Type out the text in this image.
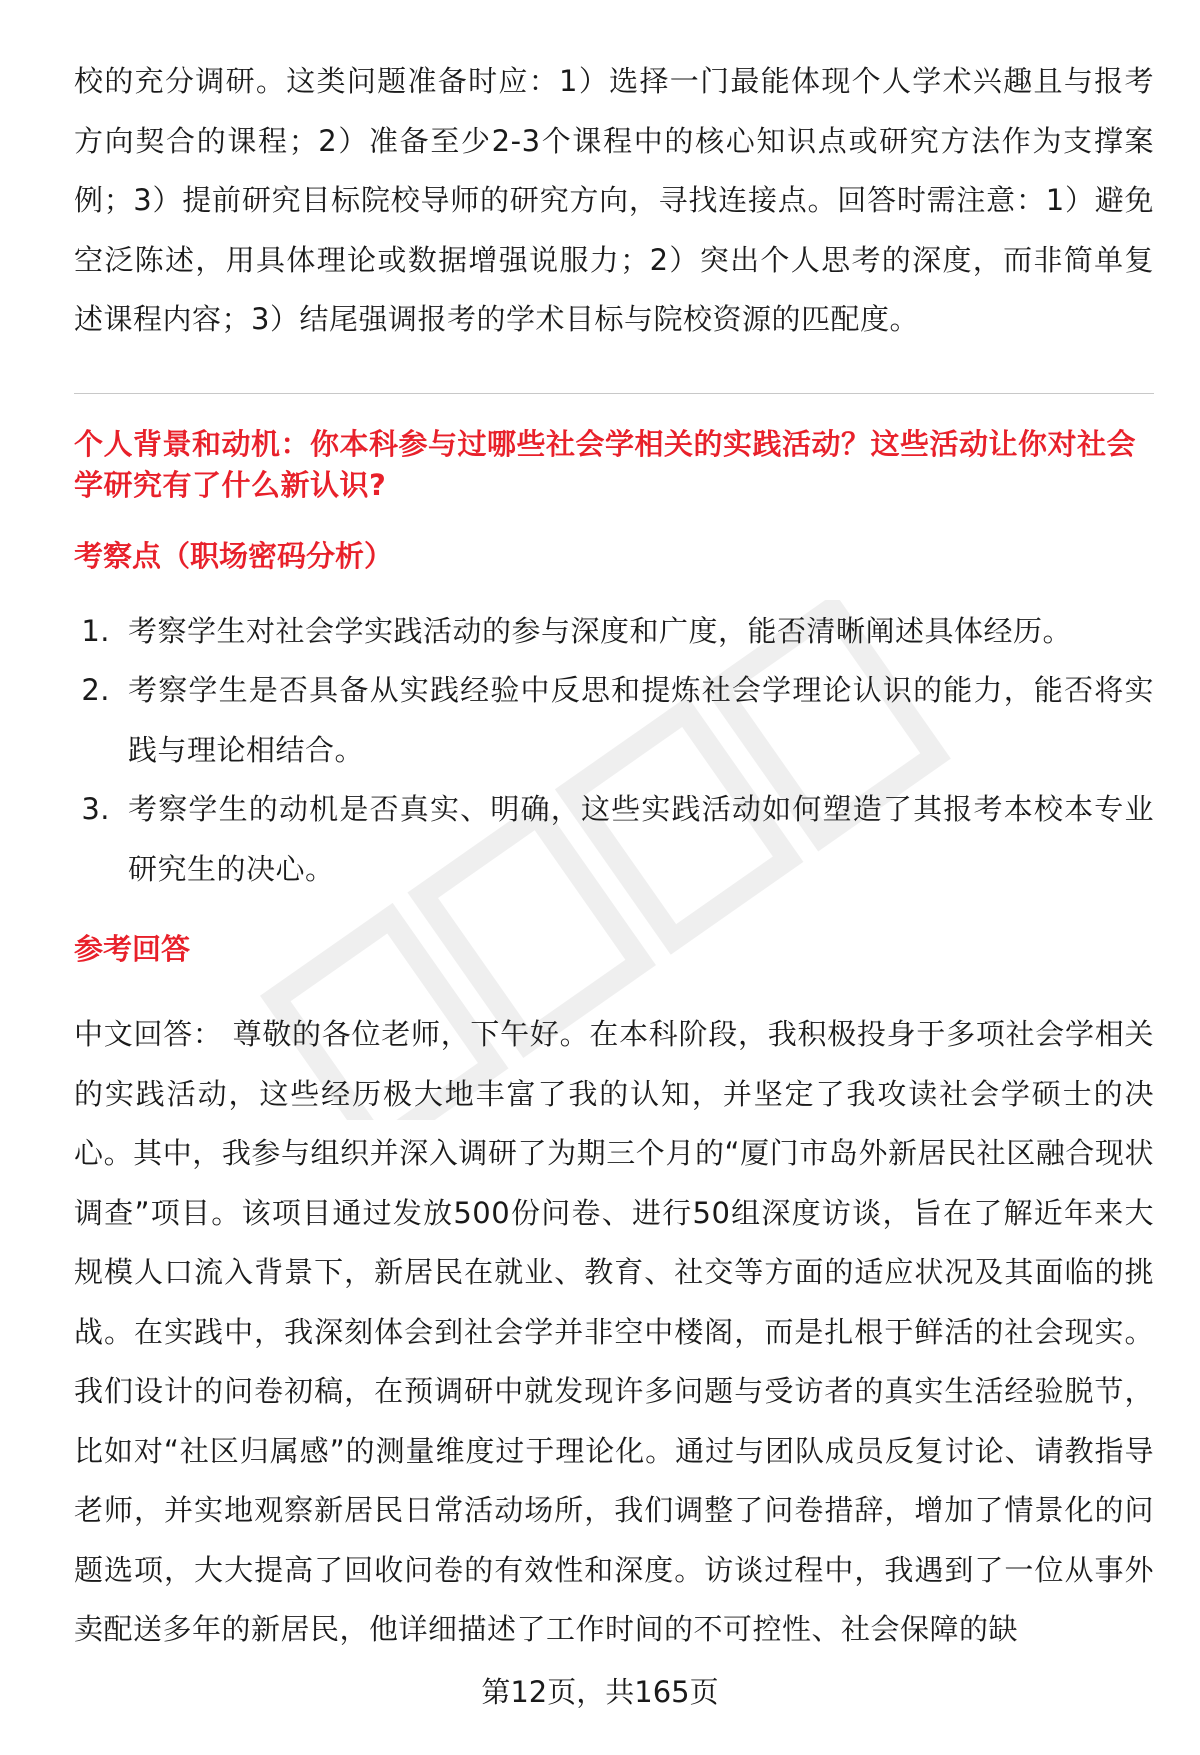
校的充分调研。这类问题准备时应：1）选择一门最能体现个人学术兴趣且与报考方向契合的课程；2）准备至少2-3个课程中的核心知识点或研究方法作为支撑案例；3）提前研究目标院校导师的研究方向，寻找连接点。回答时需注意：1）避免空泛陈述，用具体理论或数据增强说服力；2）突出个人思考的深度，而非简单复述课程内容；3）结尾强调报考的学术目标与院校资源的匹配度。

个人背景和动机：你本科参与过哪些社会学相关的实践活动？这些活动让你对社会学研究有了什么新认识?
考察点（职场密码分析）
1. 考察学生对社会学实践活动的参与深度和广度，能否清晰阐述具体经历。
2. 考察学生是否具备从实践经验中反思和提炼社会学理论认识的能力，能否将实践与理论相结合。
3. 考察学生的动机是否真实、明确，这些实践活动如何塑造了其报考本校本专业研究生的决心。
参考回答

中文回答： 尊敬的各位老师，下午好。在本科阶段，我积极投身于多项社会学相关的实践活动，这些经历极大地丰富了我的认知，并坚定了我攻读社会学硕士的决心。其中，我参与组织并深入调研了为期三个月的“厦门市岛外新居民社区融合现状调查”项目。该项目通过发放500份问卷、进行50组深度访谈，旨在了解近年来大规模人口流入背景下，新居民在就业、教育、社交等方面的适应状况及其面临的挑战。在实践中，我深刻体会到社会学并非空中楼阁，而是扎根于鲜活的社会现实。我们设计的问卷初稿，在预调研中就发现许多问题与受访者的真实生活经验脱节，比如对“社区归属感”的测量维度过于理论化。通过与团队成员反复讨论、请教指导老师，并实地观察新居民日常活动场所，我们调整了问卷措辞，增加了情景化的问题选项，大大提高了回收问卷的有效性和深度。访谈过程中，我遇到了一位从事外卖配送多年的新居民，他详细描述了工作时间的不可控性、社会保障的缺

第12页，共165页
